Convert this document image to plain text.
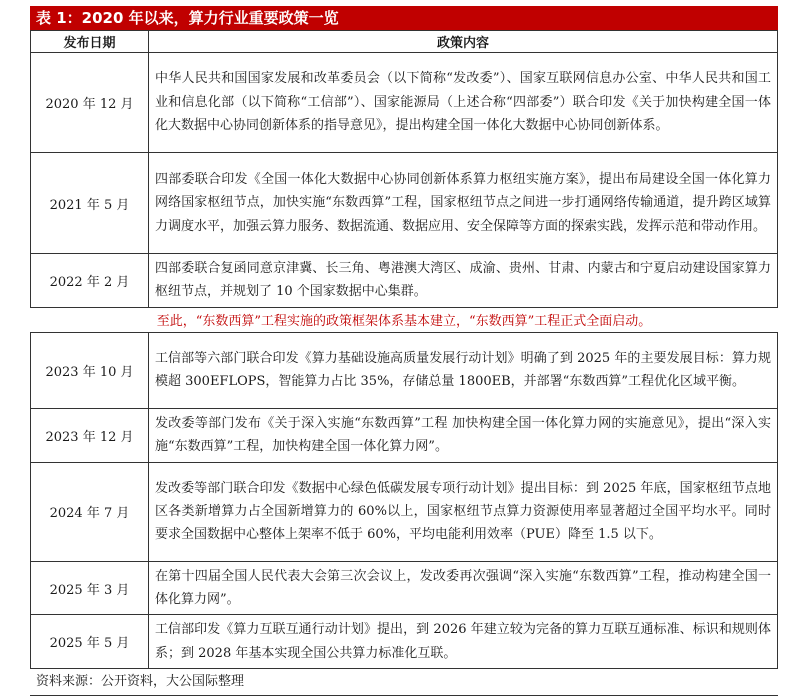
表 1：2020 年以来，算力行业重要政策一览
发布日期	政策内容
2020 年 12 月	中华人民共和国国家发展和改革委员会（以下简称“发改委”）、国家互联网信息办公室、中华人民共和国工业和信息化部（以下简称“工信部”）、国家能源局（上述合称“四部委”）联合印发《关于加快构建全国一体化大数据中心协同创新体系的指导意见》，提出构建全国一体化大数据中心协同创新体系。
2021 年 5 月	四部委联合印发《全国一体化大数据中心协同创新体系算力枢纽实施方案》，提出布局建设全国一体化算力网络国家枢纽节点，加快实施“东数西算”工程，国家枢纽节点之间进一步打通网络传输通道，提升跨区域算力调度水平，加强云算力服务、数据流通、数据应用、安全保障等方面的探索实践，发挥示范和带动作用。
2022 年 2 月	四部委联合复函同意京津冀、长三角、粤港澳大湾区、成渝、贵州、甘肃、内蒙古和宁夏启动建设国家算力枢纽节点，并规划了 10 个国家数据中心集群。
至此，“东数西算”工程实施的政策框架体系基本建立，“东数西算”工程正式全面启动。	
2023 年 10 月	工信部等六部门联合印发《算力基础设施高质量发展行动计划》明确了到 2025 年的主要发展目标：算力规模超 300EFLOPS，智能算力占比 35%，存储总量 1800EB，并部署“东数西算”工程优化区域平衡。
2023 年 12 月	发改委等部门发布《关于深入实施“东数西算”工程 加快构建全国一体化算力网的实施意见》，提出“深入实施“东数西算”工程，加快构建全国一体化算力网”。
2024 年 7 月	发改委等部门联合印发《数据中心绿色低碳发展专项行动计划》提出目标：到 2025 年底，国家枢纽节点地区各类新增算力占全国新增算力的 60%以上，国家枢纽节点算力资源使用率显著超过全国平均水平。同时要求全国数据中心整体上架率不低于 60%，平均电能利用效率（PUE）降至 1.5 以下。
2025 年 3 月	在第十四届全国人民代表大会第三次会议上，发改委再次强调“深入实施“东数西算”工程，推动构建全国一体化算力网”。
2025 年 5 月	工信部印发《算力互联互通行动计划》提出，到 2026 年建立较为完备的算力互联互通标准、标识和规则体系；到 2028 年基本实现全国公共算力标准化互联。
资料来源：公开资料，大公国际整理
